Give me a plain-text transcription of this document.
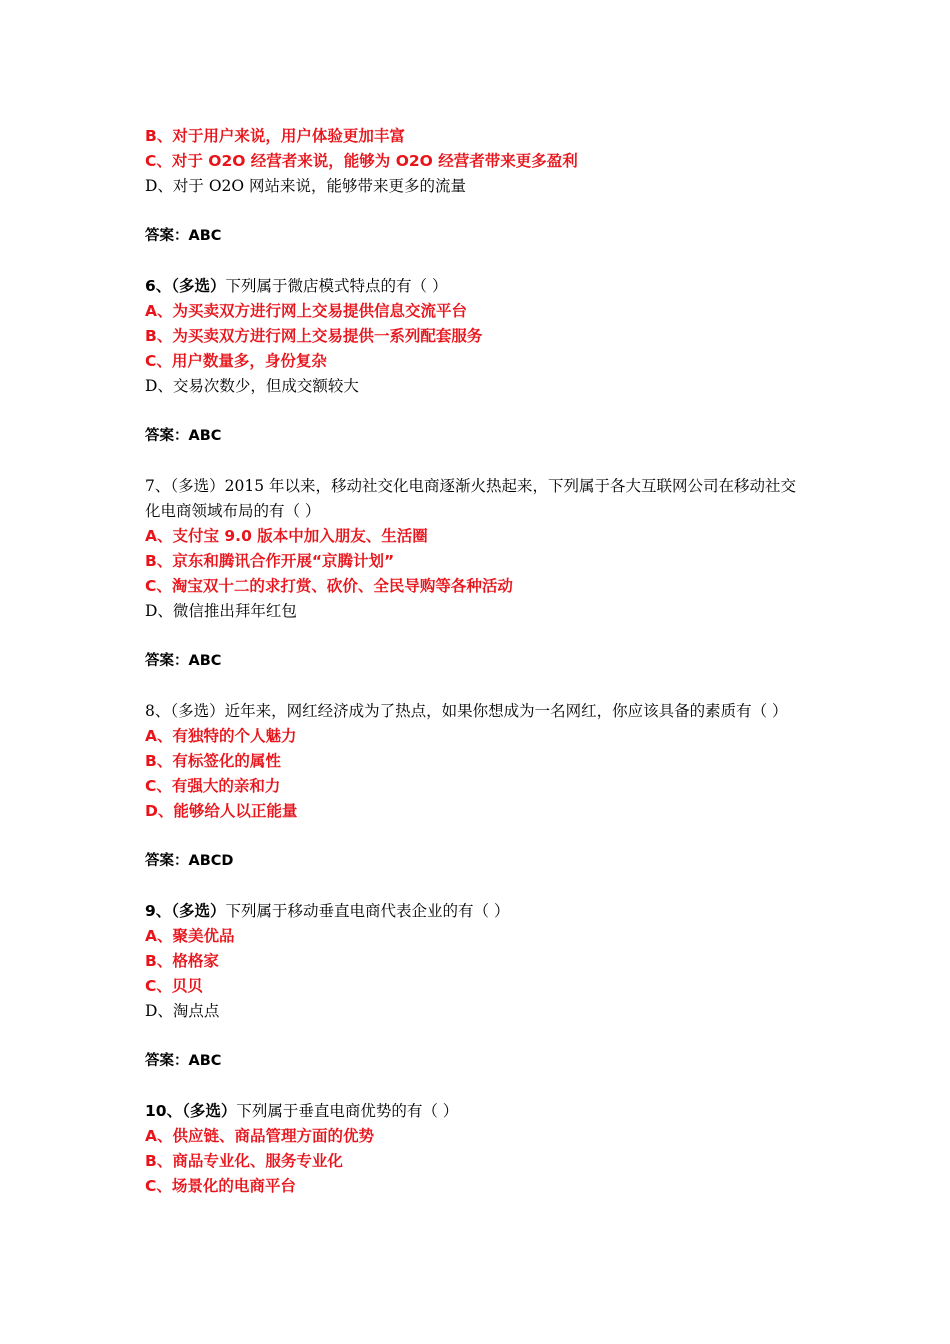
B、对于用户来说，用户体验更加丰富
C、对于 O2O 经营者来说，能够为 O2O 经营者带来更多盈利
D、对于 O2O 网站来说，能够带来更多的流量
答案：ABC
6、（多选）下列属于微店模式特点的有（ ）
A、为买卖双方进行网上交易提供信息交流平台
B、为买卖双方进行网上交易提供一系列配套服务
C、用户数量多，身份复杂
D、交易次数少，但成交额较大
答案：ABC
7、（多选）2015 年以来，移动社交化电商逐渐火热起来，下列属于各大互联网公司在移动社交化电商领域布局的有（ ）
A、支付宝 9.0 版本中加入朋友、生活圈
B、京东和腾讯合作开展“京腾计划”
C、淘宝双十二的求打赏、砍价、全民导购等各种活动
D、微信推出拜年红包
答案：ABC
8、（多选）近年来，网红经济成为了热点，如果你想成为一名网红，你应该具备的素质有（ ）
A、有独特的个人魅力
B、有标签化的属性
C、有强大的亲和力
D、能够给人以正能量
答案：ABCD
9、（多选）下列属于移动垂直电商代表企业的有（ ）
A、聚美优品
B、格格家
C、贝贝
D、淘点点
答案：ABC
10、（多选）下列属于垂直电商优势的有（ ）
A、供应链、商品管理方面的优势
B、商品专业化、服务专业化
C、场景化的电商平台
